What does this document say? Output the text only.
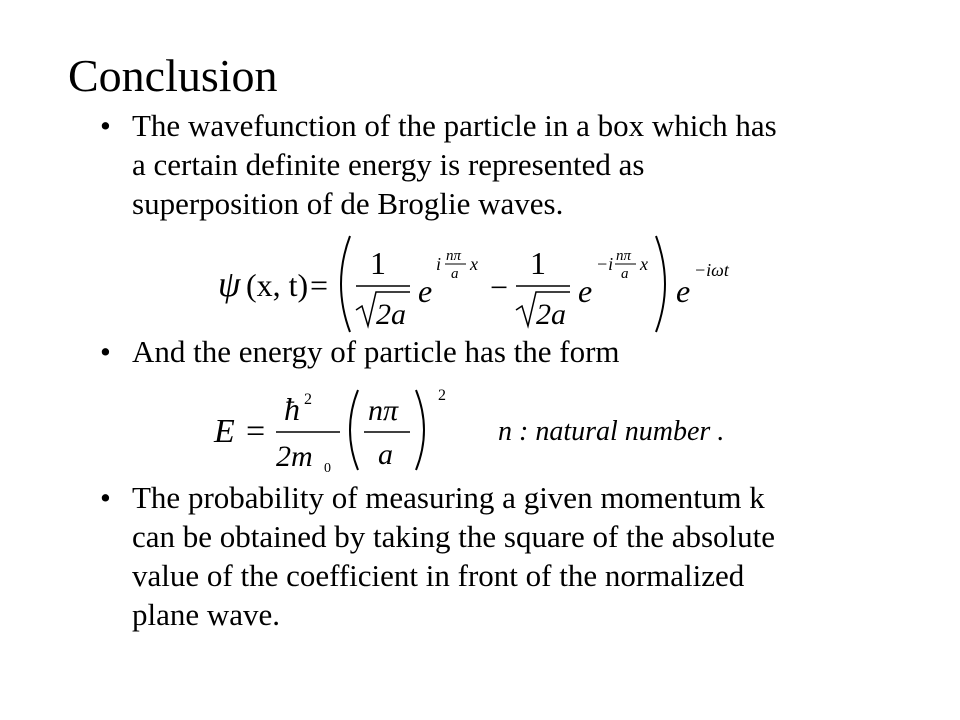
Conclusion
• The wavefunction of the particle in a box which has
a certain definite energy is represented as
superposition of de Broglie waves.
ψ (x, t) =
1
2a
e
i nπ
a x
−
1
2a
e
−i nπ
a x
e
−iωt
• And the energy of particle has the form
E =
ħ 2
2m 0
nπ
a
2
n : natural number .
• The probability of measuring a given momentum k
can be obtained by taking the square of the absolute
value of the coefficient in front of the normalized
plane wave.
